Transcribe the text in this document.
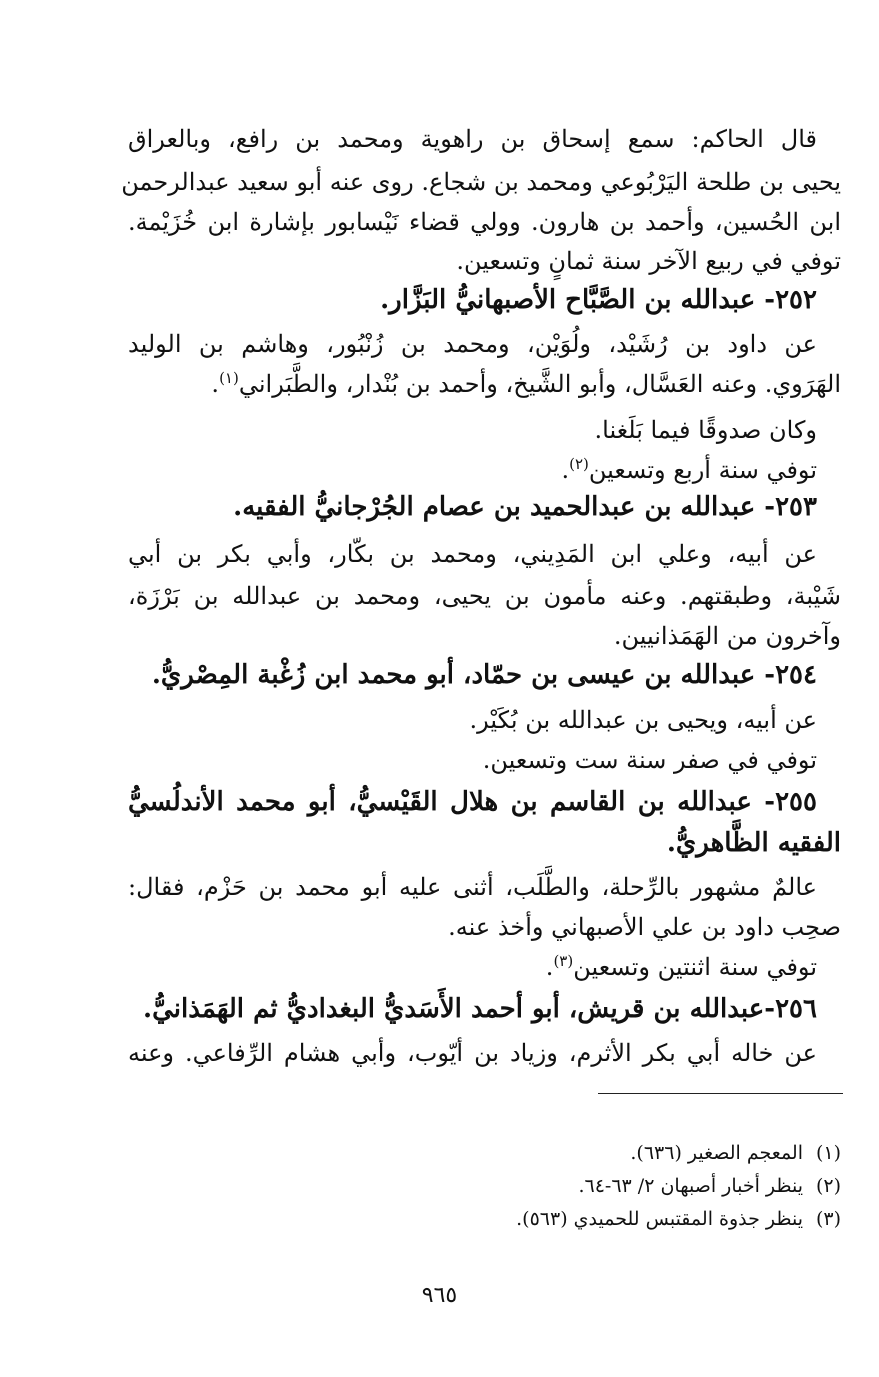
قال الحاكم: سمع إسحاق بن راهوية ومحمد بن رافع، وبالعراق
يحيى بن طلحة اليَرْبُوعي ومحمد بن شجاع. روى عنه أبو سعيد عبدالرحمن
ابن الحُسين، وأحمد بن هارون. وولي قضاء نَيْسابور بإشارة ابن خُزَيْمة.
توفي في ربيع الآخر سنة ثمانٍ وتسعين.
٢٥٢- عبدالله بن الصَّبَّاح الأصبهانيُّ البَزَّار.
عن داود بن رُشَيْد، ولُوَيْن، ومحمد بن زُنْبُور، وهاشم بن الوليد
الهَرَوي. وعنه العَسَّال، وأبو الشَّيخ، وأحمد بن بُنْدار، والطَّبَراني$^{(١)}$.
وكان صدوقًا فيما بَلَغنا.
توفي سنة أربع وتسعين$^{(٢)}$.
٢٥٣- عبدالله بن عبدالحميد بن عصام الجُرْجانيُّ الفقيه.
عن أبيه، وعلي ابن المَدِيني، ومحمد بن بكّار، وأبي بكر بن أبي
شَيْبة، وطبقتهم. وعنه مأمون بن يحيى، ومحمد بن عبدالله بن بَرْزَة،
وآخرون من الهَمَذانيين.
٢٥٤- عبدالله بن عيسى بن حمّاد، أبو محمد ابن زُغْبة المِصْريُّ.
عن أبيه، ويحيى بن عبدالله بن بُكَيْر.
توفي في صفر سنة ست وتسعين.
٢٥٥- عبدالله بن القاسم بن هلال القَيْسيُّ، أبو محمد الأندلُسيُّ
الفقيه الظَّاهريُّ.
عالمٌ مشهور بالرِّحلة، والطَّلَب، أثنى عليه أبو محمد بن حَزْم، فقال:
صحِب داود بن علي الأصبهاني وأخذ عنه.
توفي سنة اثنتين وتسعين$^{(٣)}$.
٢٥٦-عبدالله بن قريش، أبو أحمد الأَسَديُّ البغداديُّ ثم الهَمَذانيُّ.
عن خاله أبي بكر الأثرم، وزياد بن أيّوب، وأبي هشام الرِّفاعي. وعنه
(١)المعجم الصغير (٦٣٦).
(٢)ينظر أخبار أصبهان ٢/ ٦٣-٦٤.
(٣)ينظر جذوة المقتبس للحميدي (٥٦٣).
٩٦٥
